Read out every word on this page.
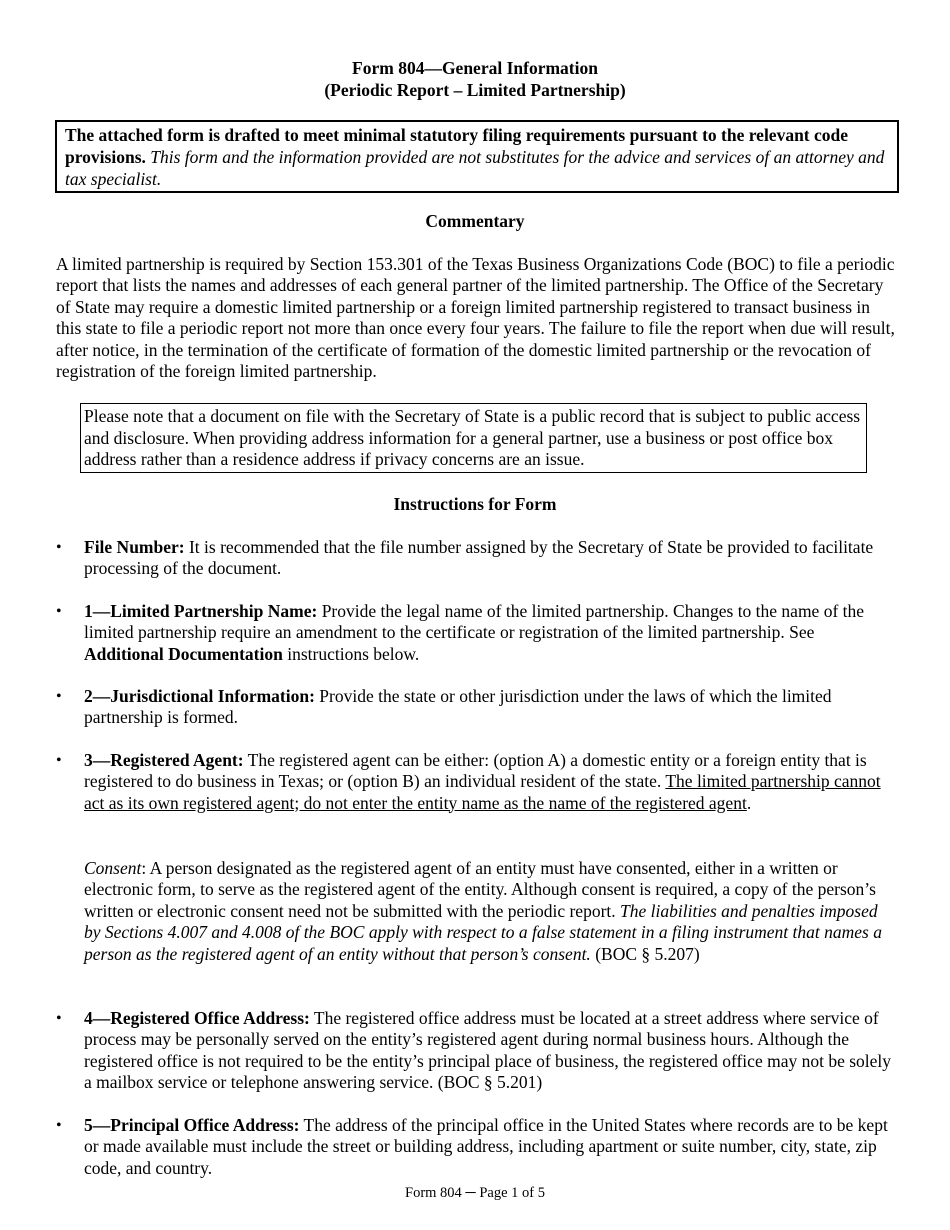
Form 804—General Information
(Periodic Report – Limited Partnership)
The attached form is drafted to meet minimal statutory filing requirements pursuant to the relevant code provisions. This form and the information provided are not substitutes for the advice and services of an attorney and tax specialist.
Commentary
A limited partnership is required by Section 153.301 of the Texas Business Organizations Code (BOC) to file a periodic report that lists the names and addresses of each general partner of the limited partnership. The Office of the Secretary of State may require a domestic limited partnership or a foreign limited partnership registered to transact business in this state to file a periodic report not more than once every four years. The failure to file the report when due will result, after notice, in the termination of the certificate of formation of the domestic limited partnership or the revocation of registration of the foreign limited partnership.
Please note that a document on file with the Secretary of State is a public record that is subject to public access and disclosure. When providing address information for a general partner, use a business or post office box address rather than a residence address if privacy concerns are an issue.
Instructions for Form
• File Number: It is recommended that the file number assigned by the Secretary of State be provided to facilitate processing of the document.
• 1—Limited Partnership Name: Provide the legal name of the limited partnership. Changes to the name of the limited partnership require an amendment to the certificate or registration of the limited partnership. See Additional Documentation instructions below.
• 2—Jurisdictional Information: Provide the state or other jurisdiction under the laws of which the limited partnership is formed.
• 3—Registered Agent: The registered agent can be either: (option A) a domestic entity or a foreign entity that is registered to do business in Texas; or (option B) an individual resident of the state. The limited partnership cannot act as its own registered agent; do not enter the entity name as the name of the registered agent.
Consent: A person designated as the registered agent of an entity must have consented, either in a written or electronic form, to serve as the registered agent of the entity. Although consent is required, a copy of the person’s written or electronic consent need not be submitted with the periodic report. The liabilities and penalties imposed by Sections 4.007 and 4.008 of the BOC apply with respect to a false statement in a filing instrument that names a person as the registered agent of an entity without that person’s consent. (BOC § 5.207)
• 4—Registered Office Address: The registered office address must be located at a street address where service of process may be personally served on the entity’s registered agent during normal business hours. Although the registered office is not required to be the entity’s principal place of business, the registered office may not be solely a mailbox service or telephone answering service. (BOC § 5.201)
• 5—Principal Office Address: The address of the principal office in the United States where records are to be kept or made available must include the street or building address, including apartment or suite number, city, state, zip code, and country.
Form 804 ─ Page 1 of 5
